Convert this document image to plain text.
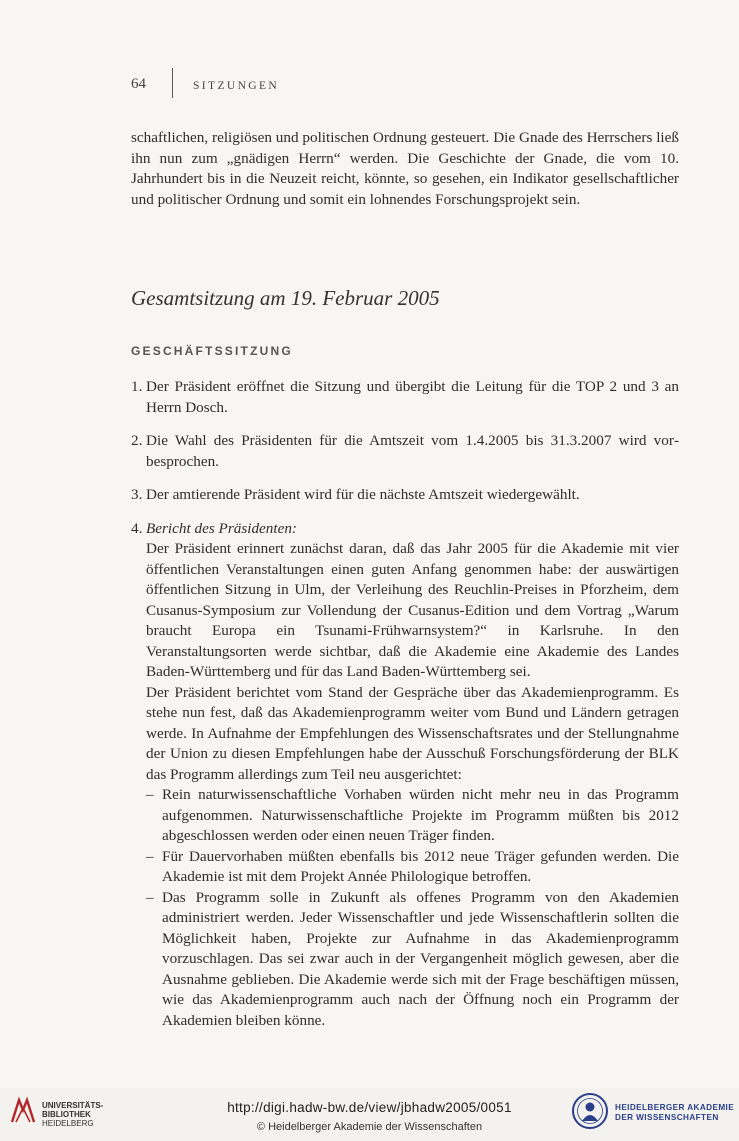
64	SITZUNGEN
schaftlichen, religiösen und politischen Ordnung gesteuert. Die Gnade des Herrschers ließ ihn nun zum „gnädigen Herrn“ werden. Die Geschichte der Gnade, die vom 10. Jahrhundert bis in die Neuzeit reicht, könnte, so gesehen, ein Indikator gesellschaftlicher und politischer Ordnung und somit ein lohnendes Forschungsprojekt sein.
Gesamtsitzung am 19. Februar 2005
GESCHÄFTSSITZUNG
1. Der Präsident eröffnet die Sitzung und übergibt die Leitung für die TOP 2 und 3 an Herrn Dosch.
2. Die Wahl des Präsidenten für die Amtszeit vom 1.4.2005 bis 31.3.2007 wird vorbesprochen.
3. Der amtierende Präsident wird für die nächste Amtszeit wiedergewählt.
4. Bericht des Präsidenten:
Der Präsident erinnert zunächst daran, daß das Jahr 2005 für die Akademie mit vier öffentlichen Veranstaltungen einen guten Anfang genommen habe: der auswärtigen öffentlichen Sitzung in Ulm, der Verleihung des Reuchlin-Preises in Pforzheim, dem Cusanus-Symposium zur Vollendung der Cusanus-Edition und dem Vortrag „Warum braucht Europa ein Tsunami-Frühwarnsystem?“ in Karlsruhe. In den Veranstaltungsorten werde sichtbar, daß die Akademie eine Akademie des Landes Baden-Württemberg und für das Land Baden-Württemberg sei.
Der Präsident berichtet vom Stand der Gespräche über das Akademienprogramm. Es stehe nun fest, daß das Akademienprogramm weiter vom Bund und Ländern getragen werde. In Aufnahme der Empfehlungen des Wissenschaftsrates und der Stellungnahme der Union zu diesen Empfehlungen habe der Ausschuß Forschungsförderung der BLK das Programm allerdings zum Teil neu ausgerichtet:
– Rein naturwissenschaftliche Vorhaben würden nicht mehr neu in das Programm aufgenommen. Naturwissenschaftliche Projekte im Programm müßten bis 2012 abgeschlossen werden oder einen neuen Träger finden.
– Für Dauervorhaben müßten ebenfalls bis 2012 neue Träger gefunden werden. Die Akademie ist mit dem Projekt Année Philologique betroffen.
– Das Programm solle in Zukunft als offenes Programm von den Akademien administriert werden. Jeder Wissenschaftler und jede Wissenschaftlerin sollten die Möglichkeit haben, Projekte zur Aufnahme in das Akademienprogramm vorzuschlagen. Das sei zwar auch in der Vergangenheit möglich gewesen, aber die Ausnahme geblieben. Die Akademie werde sich mit der Frage beschäftigen müssen, wie das Akademienprogramm auch nach der Öffnung noch ein Programm der Akademien bleiben könne.
UNIVERSITÄTS-
BIBLIOTHEK
HEIDELBERG
http://digi.hadw-bw.de/view/jbhadw2005/0051
© Heidelberger Akademie der Wissenschaften
HEIDELBERGER AKADEMIE
DER WISSENSCHAFTEN
